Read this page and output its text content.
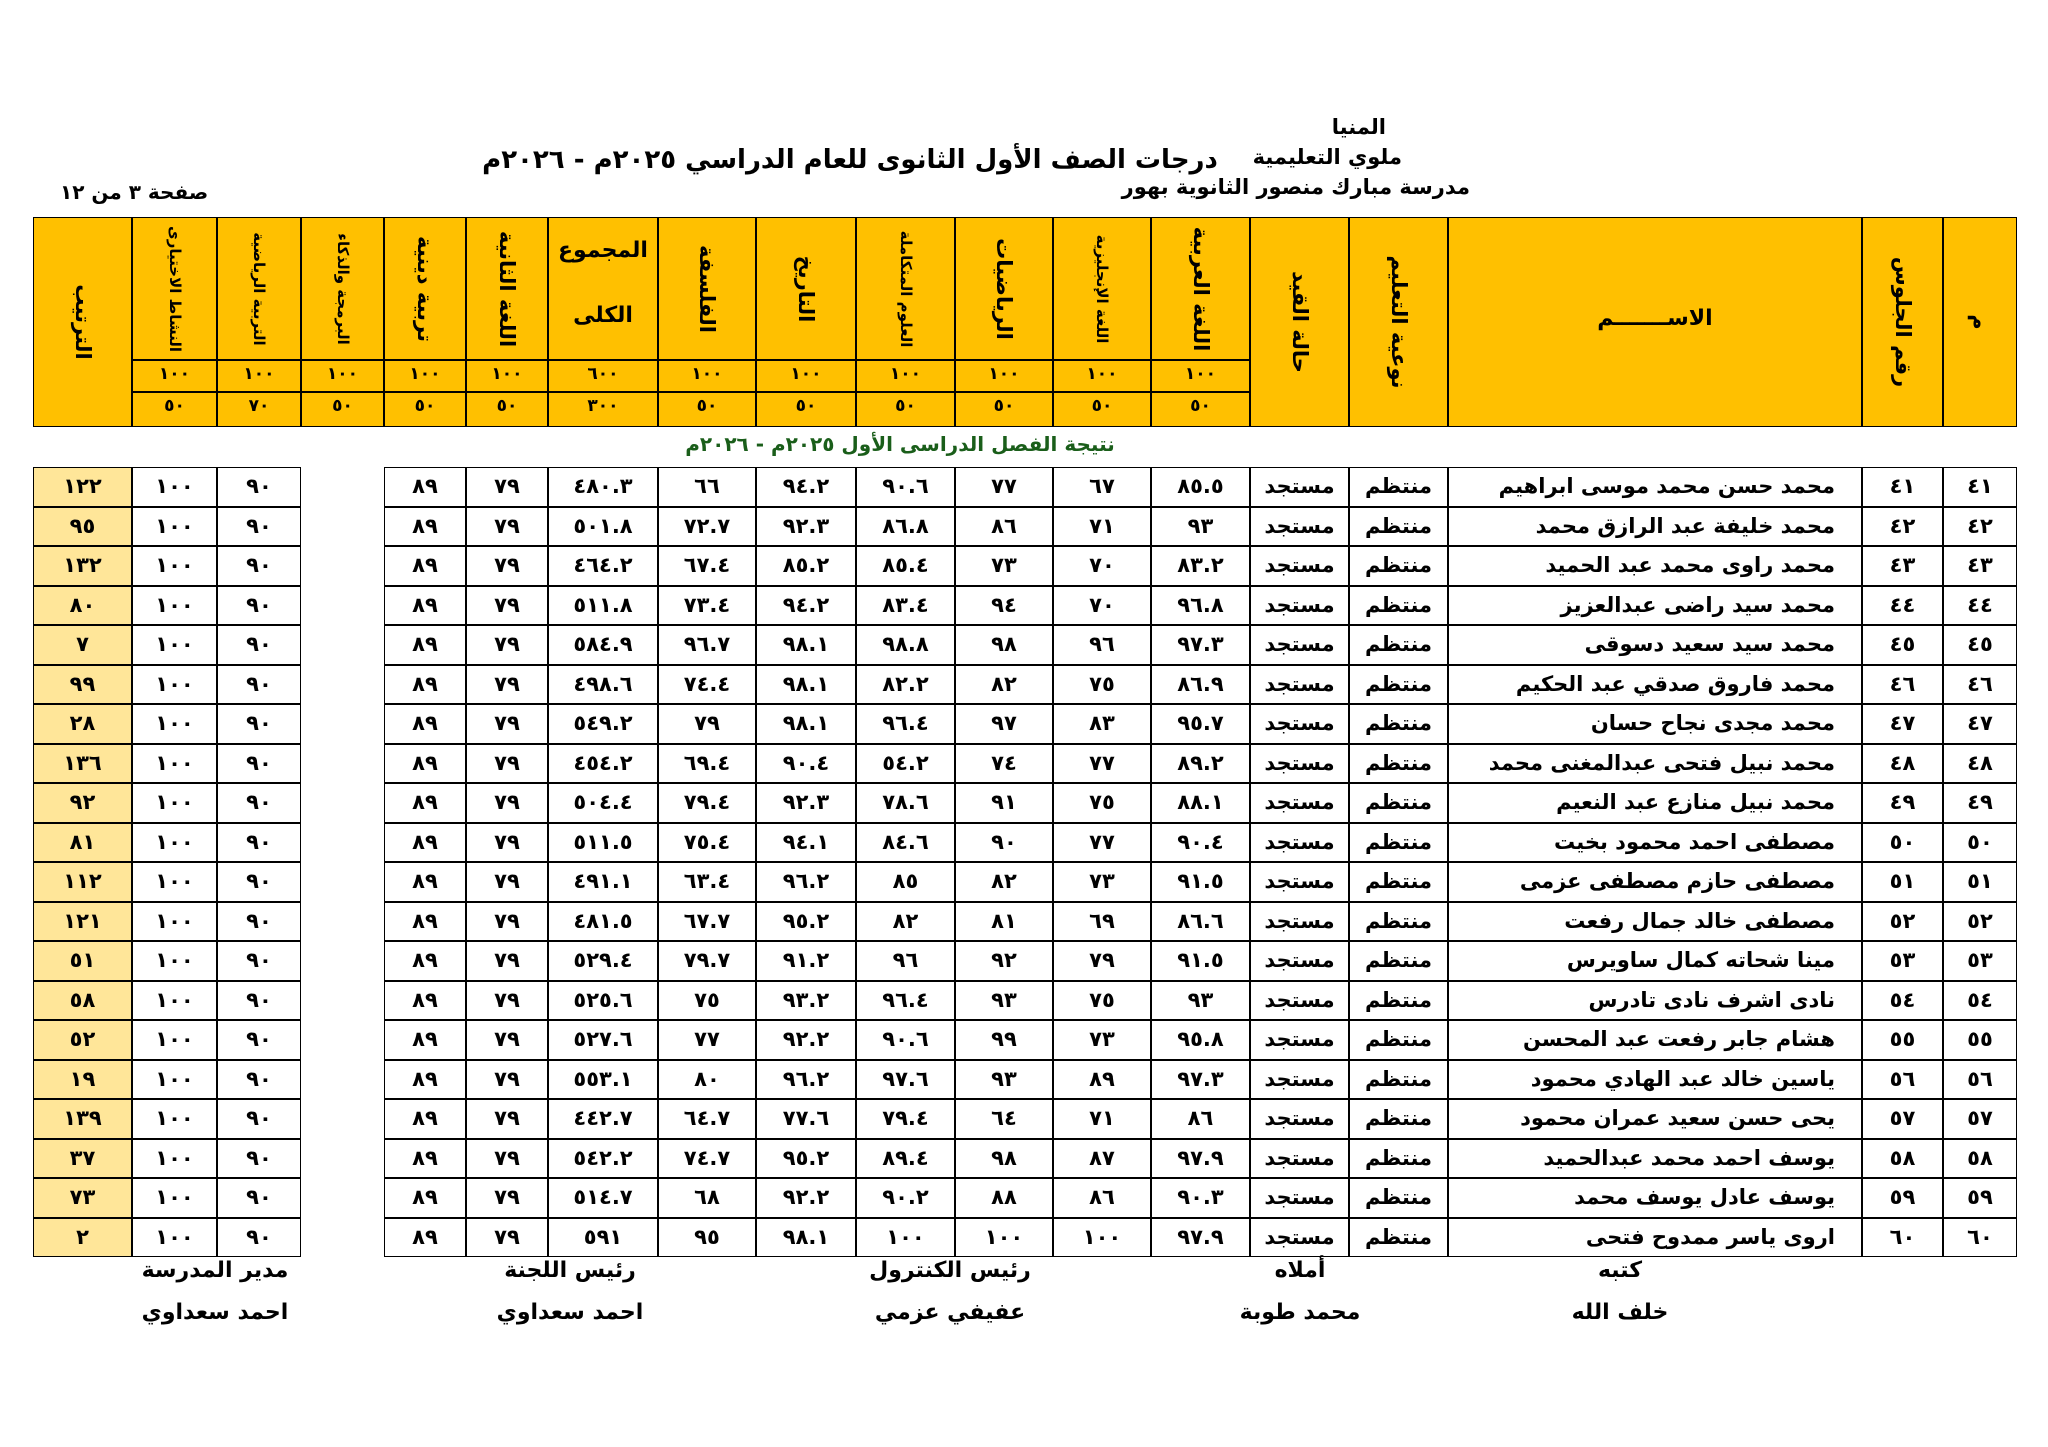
المنيا
ملوي التعليمية
مدرسة مبارك منصور الثانوية بهور
درجات الصف الأول الثانوى للعام الدراسي ٢٠٢٥م - ٢٠٢٦م
صفحة ٣ من ١٢
م
رقم الجلوس
الاســـــــم
نوعية التعليم
حالة القيد
اللغة العربية
١٠٠
٥٠
اللغة الإنجليزية
١٠٠
٥٠
الرياضيات
١٠٠
٥٠
العلوم المتكاملة
١٠٠
٥٠
التاريخ
١٠٠
٥٠
الفلسفة
١٠٠
٥٠
المجموع
الكلى
٦٠٠
٣٠٠
اللغة الثانية
١٠٠
٥٠
تربية دينية
١٠٠
٥٠
البرمجة والذكاء
١٠٠
٥٠
التربية الرياضية
١٠٠
٧٠
النشاط الاختيارى
١٠٠
٥٠
الترتيب
نتيجة الفصل الدراسى الأول ٢٠٢٥م - ٢٠٢٦م
٤١
٤١
محمد حسن محمد موسى ابراهيم
منتظم
مستجد
٨٥.٥
٦٧
٧٧
٩٠.٦
٩٤.٢
٦٦
٤٨٠.٣
٧٩
٨٩
٩٠
١٠٠
١٢٢
٤٢
٤٢
محمد خليفة عبد الرازق محمد
منتظم
مستجد
٩٣
٧١
٨٦
٨٦.٨
٩٢.٣
٧٢.٧
٥٠١.٨
٧٩
٨٩
٩٠
١٠٠
٩٥
٤٣
٤٣
محمد راوى محمد عبد الحميد
منتظم
مستجد
٨٣.٢
٧٠
٧٣
٨٥.٤
٨٥.٢
٦٧.٤
٤٦٤.٢
٧٩
٨٩
٩٠
١٠٠
١٣٢
٤٤
٤٤
محمد سيد راضى عبدالعزيز
منتظم
مستجد
٩٦.٨
٧٠
٩٤
٨٣.٤
٩٤.٢
٧٣.٤
٥١١.٨
٧٩
٨٩
٩٠
١٠٠
٨٠
٤٥
٤٥
محمد سيد سعيد دسوقى
منتظم
مستجد
٩٧.٣
٩٦
٩٨
٩٨.٨
٩٨.١
٩٦.٧
٥٨٤.٩
٧٩
٨٩
٩٠
١٠٠
٧
٤٦
٤٦
محمد فاروق صدقي عبد الحكيم
منتظم
مستجد
٨٦.٩
٧٥
٨٢
٨٢.٢
٩٨.١
٧٤.٤
٤٩٨.٦
٧٩
٨٩
٩٠
١٠٠
٩٩
٤٧
٤٧
محمد مجدى نجاح حسان
منتظم
مستجد
٩٥.٧
٨٣
٩٧
٩٦.٤
٩٨.١
٧٩
٥٤٩.٢
٧٩
٨٩
٩٠
١٠٠
٢٨
٤٨
٤٨
محمد نبيل فتحى عبدالمغنى محمد
منتظم
مستجد
٨٩.٢
٧٧
٧٤
٥٤.٢
٩٠.٤
٦٩.٤
٤٥٤.٢
٧٩
٨٩
٩٠
١٠٠
١٣٦
٤٩
٤٩
محمد نبيل منازع عبد النعيم
منتظم
مستجد
٨٨.١
٧٥
٩١
٧٨.٦
٩٢.٣
٧٩.٤
٥٠٤.٤
٧٩
٨٩
٩٠
١٠٠
٩٢
٥٠
٥٠
مصطفى احمد محمود بخيت
منتظم
مستجد
٩٠.٤
٧٧
٩٠
٨٤.٦
٩٤.١
٧٥.٤
٥١١.٥
٧٩
٨٩
٩٠
١٠٠
٨١
٥١
٥١
مصطفى حازم مصطفى عزمى
منتظم
مستجد
٩١.٥
٧٣
٨٢
٨٥
٩٦.٢
٦٣.٤
٤٩١.١
٧٩
٨٩
٩٠
١٠٠
١١٢
٥٢
٥٢
مصطفى خالد جمال رفعت
منتظم
مستجد
٨٦.٦
٦٩
٨١
٨٢
٩٥.٢
٦٧.٧
٤٨١.٥
٧٩
٨٩
٩٠
١٠٠
١٢١
٥٣
٥٣
مينا شحاته كمال ساويرس
منتظم
مستجد
٩١.٥
٧٩
٩٢
٩٦
٩١.٢
٧٩.٧
٥٢٩.٤
٧٩
٨٩
٩٠
١٠٠
٥١
٥٤
٥٤
نادى اشرف نادى تادرس
منتظم
مستجد
٩٣
٧٥
٩٣
٩٦.٤
٩٣.٢
٧٥
٥٢٥.٦
٧٩
٨٩
٩٠
١٠٠
٥٨
٥٥
٥٥
هشام جابر رفعت عبد المحسن
منتظم
مستجد
٩٥.٨
٧٣
٩٩
٩٠.٦
٩٢.٢
٧٧
٥٢٧.٦
٧٩
٨٩
٩٠
١٠٠
٥٢
٥٦
٥٦
ياسين خالد عبد الهادي محمود
منتظم
مستجد
٩٧.٣
٨٩
٩٣
٩٧.٦
٩٦.٢
٨٠
٥٥٣.١
٧٩
٨٩
٩٠
١٠٠
١٩
٥٧
٥٧
يحى حسن سعيد عمران محمود
منتظم
مستجد
٨٦
٧١
٦٤
٧٩.٤
٧٧.٦
٦٤.٧
٤٤٢.٧
٧٩
٨٩
٩٠
١٠٠
١٣٩
٥٨
٥٨
يوسف احمد محمد عبدالحميد
منتظم
مستجد
٩٧.٩
٨٧
٩٨
٨٩.٤
٩٥.٢
٧٤.٧
٥٤٢.٢
٧٩
٨٩
٩٠
١٠٠
٣٧
٥٩
٥٩
يوسف عادل يوسف محمد
منتظم
مستجد
٩٠.٣
٨٦
٨٨
٩٠.٢
٩٢.٢
٦٨
٥١٤.٧
٧٩
٨٩
٩٠
١٠٠
٧٣
٦٠
٦٠
اروى ياسر ممدوح فتحى
منتظم
مستجد
٩٧.٩
١٠٠
١٠٠
١٠٠
٩٨.١
٩٥
٥٩١
٧٩
٨٩
٩٠
١٠٠
٢
كتبه
خلف الله
أملاه
محمد طوبة
رئيس الكنترول
عفيفي عزمي
رئيس اللجنة
احمد سعداوي
مدير المدرسة
احمد سعداوي
